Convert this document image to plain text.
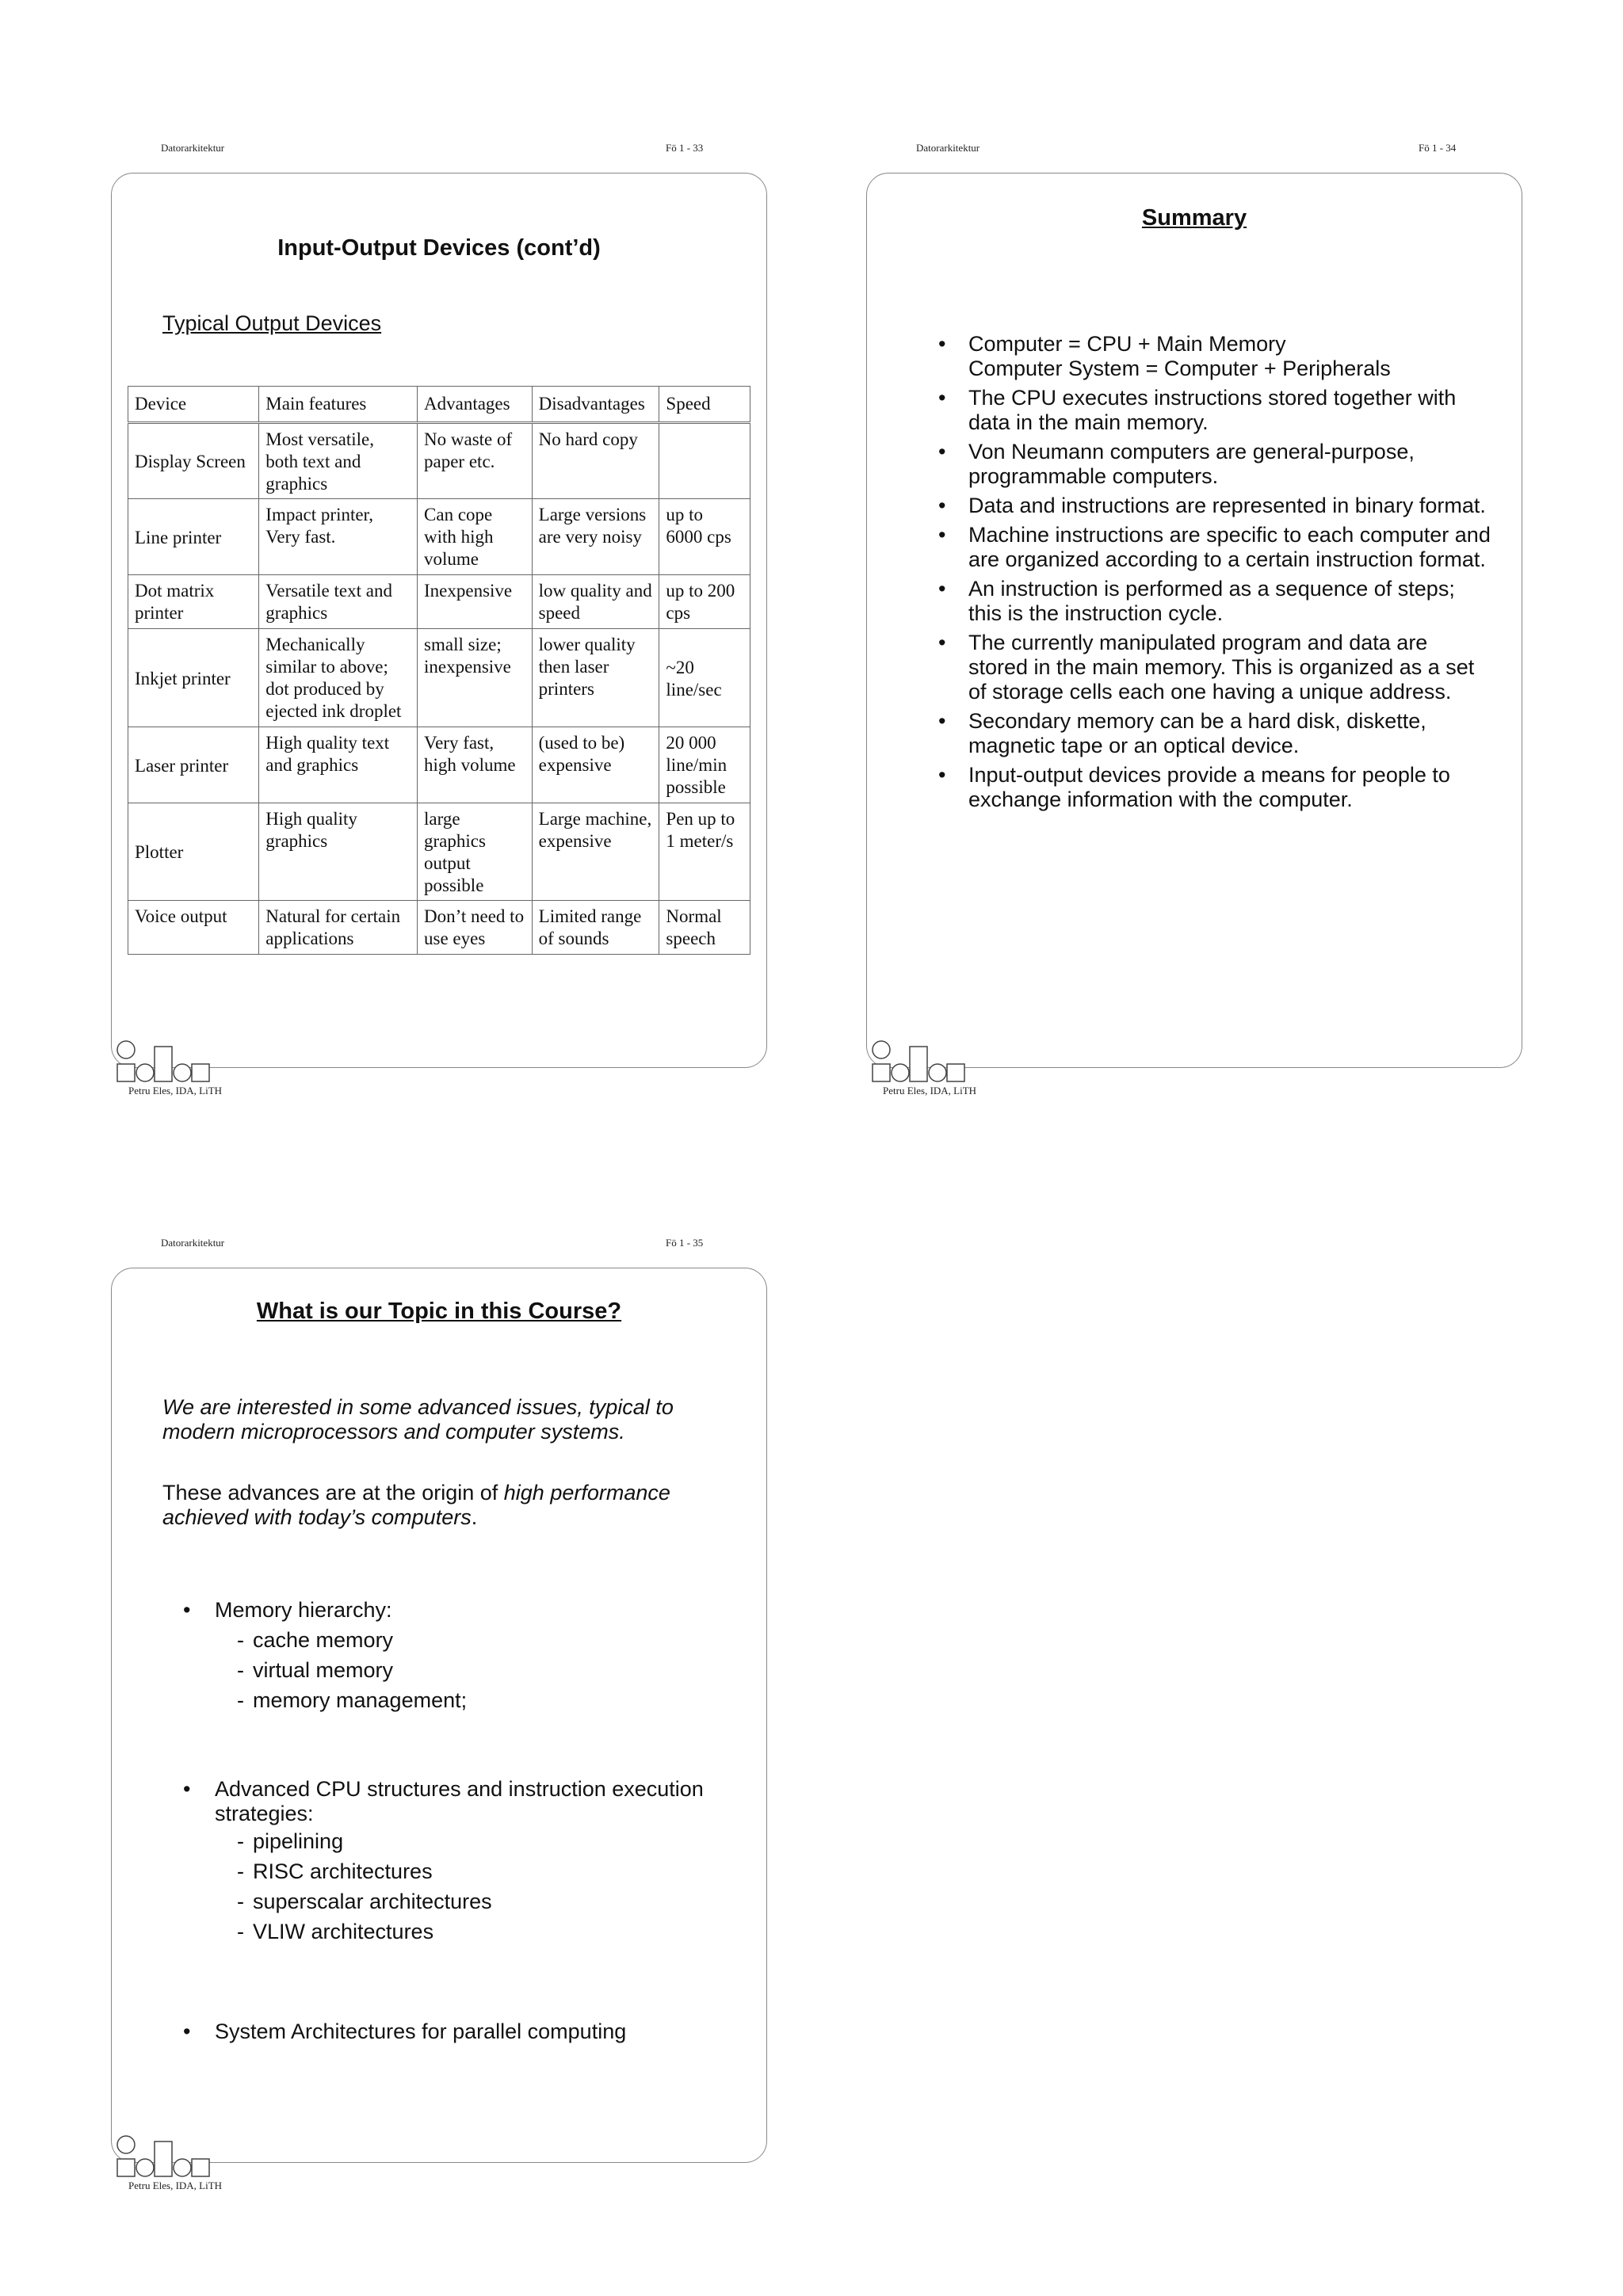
Datorarkitektur	Fö 1 - 33
Input-Output Devices (cont’d)
Typical Output Devices
Device	Main features	Advantages	Disadvantages	Speed
Display Screen	Most versatile, both text and graphics	No waste of paper etc.	No hard copy	
Line printer	Impact printer, Very fast.	Can cope with high volume	Large versions are very noisy	up to 6000 cps
Dot matrix printer	Versatile text and graphics	Inexpensive	low quality and speed	up to 200 cps
Inkjet printer	Mechanically similar to above; dot produced by ejected ink droplet	small size; inexpensive	lower quality then laser printers	~20 line/sec
Laser printer	High quality text and graphics	Very fast, high volume	(used to be) expensive	20 000 line/min possible
Plotter	High quality graphics	large graphics output possible	Large machine, expensive	Pen up to 1 meter/s
Voice output	Natural for certain applications	Don’t need to use eyes	Limited range of sounds	Normal speech
Petru Eles, IDA, LiTH
Datorarkitektur	Fö 1 - 34
Summary
• Computer = CPU + Main Memory
Computer System = Computer + Peripherals
• The CPU executes instructions stored together with data in the main memory.
• Von Neumann computers are general-purpose, programmable computers.
• Data and instructions are represented in binary format.
• Machine instructions are specific to each computer and are organized according to a certain instruction format.
• An instruction is performed as a sequence of steps; this is the instruction cycle.
• The currently manipulated program and data are stored in the main memory. This is organized as a set of storage cells each one having a unique address.
• Secondary memory can be a hard disk, diskette, magnetic tape or an optical device.
• Input-output devices provide a means for people to exchange information with the computer.
Petru Eles, IDA, LiTH
Datorarkitektur	Fö 1 - 35
What is our Topic in this Course?
We are interested in some advanced issues, typical to modern microprocessors and computer systems.
These advances are at the origin of high performance achieved with today’s computers.
•	Memory hierarchy:
- cache memory
- virtual memory
- memory management;
•	Advanced CPU structures and instruction execution strategies:
- pipelining
- RISC architectures
- superscalar architectures
- VLIW architectures
•	System Architectures for parallel computing
Petru Eles, IDA, LiTH
